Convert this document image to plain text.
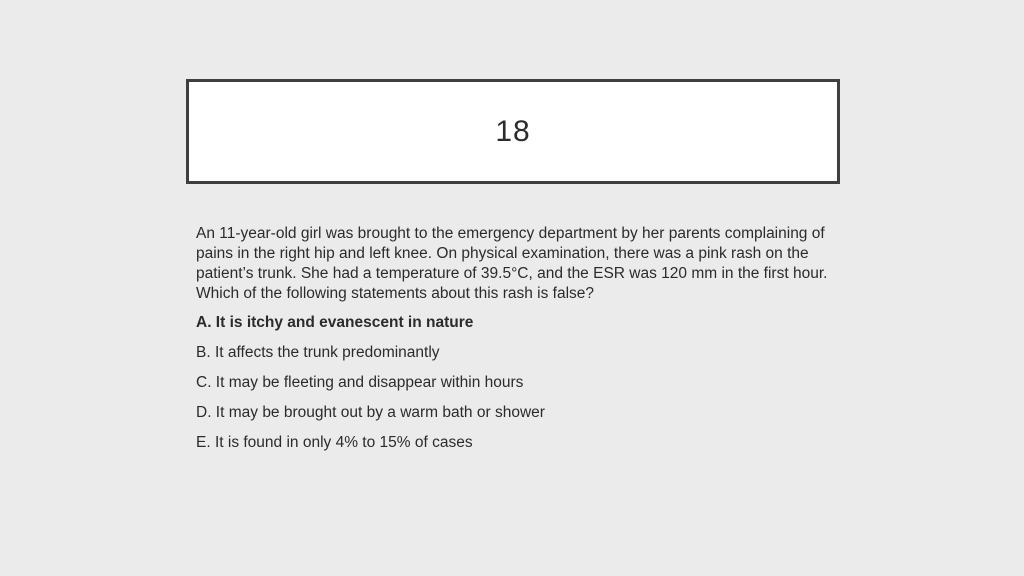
18

An 11-year-old girl was brought to the emergency department by her parents complaining of pains in the right hip and left knee. On physical examination, there was a pink rash on the patient’s trunk. She had a temperature of 39.5°C, and the ESR was 120 mm in the first hour. Which of the following statements about this rash is false?

A. It is itchy and evanescent in nature

B. It affects the trunk predominantly

C. It may be fleeting and disappear within hours

D. It may be brought out by a warm bath or shower

E. It is found in only 4% to 15% of cases
